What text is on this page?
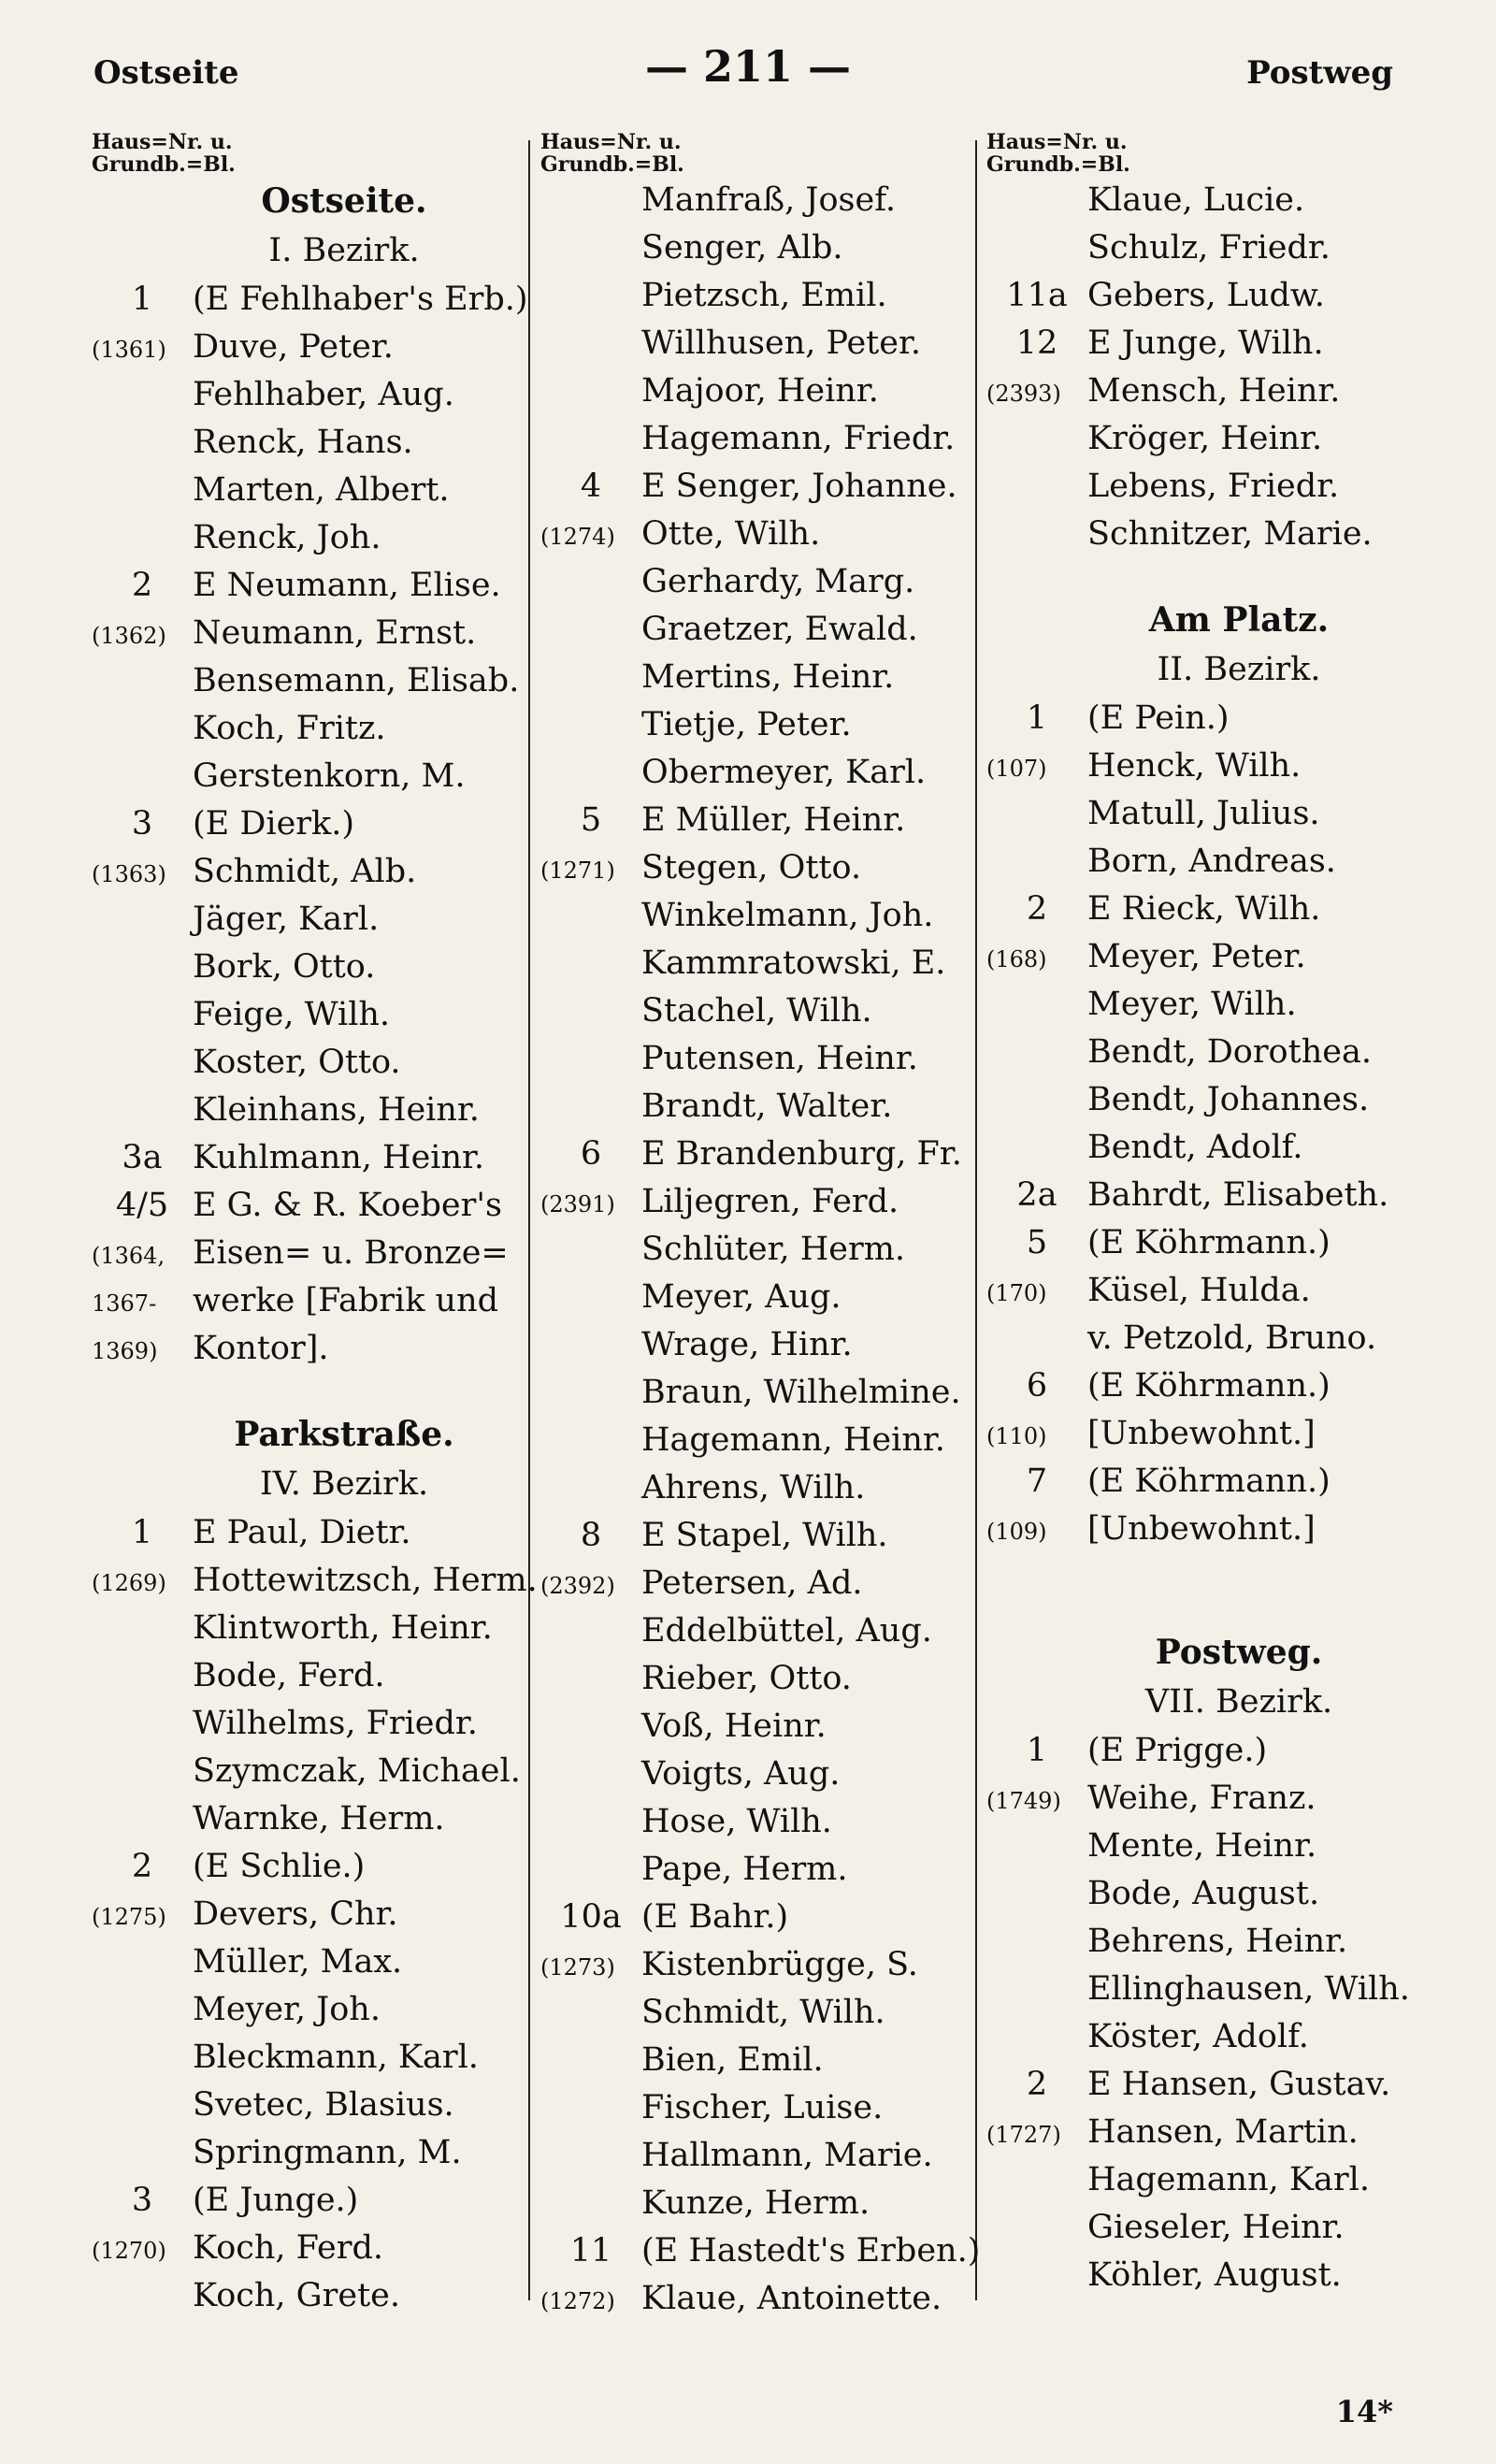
Ostseite	— 211 —	Postweg
Haus=Nr. u.
Grundb.=Bl.
Ostseite.
I. Bezirk.
1	(E Fehlhaber's Erb.)
(1361) Duve, Peter.
Fehlhaber, Aug.
Renck, Hans.
Marten, Albert.
Renck, Joh.
2	E Neumann, Elise.
(1362) Neumann, Ernst.
Bensemann, Elisab.
Koch, Fritz.
Gerstenkorn, M.
3	(E Dierk.)
(1363) Schmidt, Alb.
Jäger, Karl.
Bork, Otto.
Feige, Wilh.
Koster, Otto.
Kleinhans, Heinr.
3a Kuhlmann, Heinr.
4/5 E G. & R. Koeber's
(1364, Eisen= u. Bronze=
1367-	werke [Fabrik und
1369)	Kontor].
Parkstraße.
IV. Bezirk.
1	E Paul, Dietr.
(1269) Hottewitzsch, Herm.
Klintworth, Heinr.
Bode, Ferd.
Wilhelms, Friedr.
Szymczak, Michael.
Warnke, Herm.
2	(E Schlie.)
(1275) Devers, Chr.
Müller, Max.
Meyer, Joh.
Bleckmann, Karl.
Svetec, Blasius.
Springmann, M.
3	(E Junge.)
(1270) Koch, Ferd.
Koch, Grete.
Haus=Nr. u.
Grundb.=Bl.
Manfraß, Josef.
Senger, Alb.
Pietzsch, Emil.
Willhusen, Peter.
Majoor, Heinr.
Hagemann, Friedr.
4	E Senger, Johanne.
(1274) Otte, Wilh.
Gerhardy, Marg.
Graetzer, Ewald.
Mertins, Heinr.
Tietje, Peter.
Obermeyer, Karl.
5	E Müller, Heinr.
(1271) Stegen, Otto.
Winkelmann, Joh.
Kammratowski, E.
Stachel, Wilh.
Putensen, Heinr.
Brandt, Walter.
6	E Brandenburg, Fr.
(2391) Liljegren, Ferd.
Schlüter, Herm.
Meyer, Aug.
Wrage, Hinr.
Braun, Wilhelmine.
Hagemann, Heinr.
Ahrens, Wilh.
8	E Stapel, Wilh.
(2392) Petersen, Ad.
Eddelbüttel, Aug.
Rieber, Otto.
Voß, Heinr.
Voigts, Aug.
Hose, Wilh.
Pape, Herm.
10a (E Bahr.)
(1273) Kistenbrügge, S.
Schmidt, Wilh.
Bien, Emil.
Fischer, Luise.
Hallmann, Marie.
Kunze, Herm.
11 (E Hastedt's Erben.)
(1272) Klaue, Antoinette.
Haus=Nr. u.
Grundb.=Bl.
Klaue, Lucie.
Schulz, Friedr.
11a Gebers, Ludw.
12 E Junge, Wilh.
(2393) Mensch, Heinr.
Kröger, Heinr.
Lebens, Friedr.
Schnitzer, Marie.
Am Platz.
II. Bezirk.
1	(E Pein.)
(107)	Henck, Wilh.
Matull, Julius.
Born, Andreas.
2	E Rieck, Wilh.
(168)	Meyer, Peter.
Meyer, Wilh.
Bendt, Dorothea.
Bendt, Johannes.
Bendt, Adolf.
2a Bahrdt, Elisabeth.
5	(E Köhrmann.)
(170)	Küsel, Hulda.
v. Petzold, Bruno.
6	(E Köhrmann.)
(110)	[Unbewohnt.]
7	(E Köhrmann.)
(109)	[Unbewohnt.]
Postweg.
VII. Bezirk.
1	(E Prigge.)
(1749) Weihe, Franz.
Mente, Heinr.
Bode, August.
Behrens, Heinr.
Ellinghausen, Wilh.
Köster, Adolf.
2	E Hansen, Gustav.
(1727) Hansen, Martin.
Hagemann, Karl.
Gieseler, Heinr.
Köhler, August.
14*
